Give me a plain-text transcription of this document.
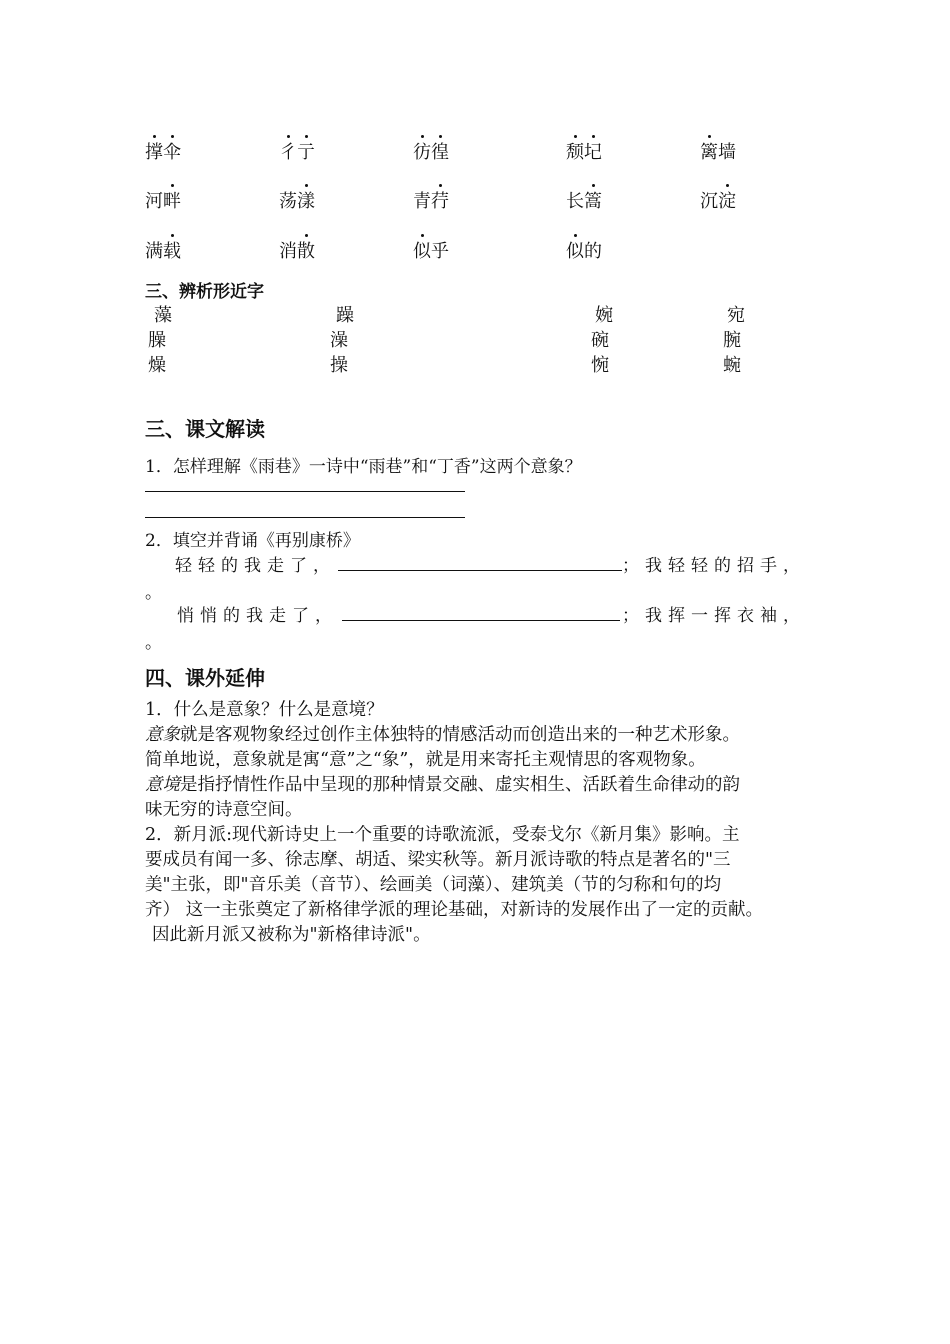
撑伞	彳亍	彷徨	颓圮	篱墙
河畔	荡漾	青荇	长篙	沉淀
满载	消散	似乎	似的
三、辨析形近字
藻	躁	婉	宛
臊	澡	碗	腕
燥	操	惋	蜿
三、课文解读
1．怎样理解《雨巷》一诗中“雨巷”和“丁香”这两个意象？
2．填空并背诵《再别康桥》
轻轻的我走了，	；我轻轻的招手，
。
悄悄的我走了，	；我挥一挥衣袖，
。
四、课外延伸
1．什么是意象？什么是意境？
意象就是客观物象经过创作主体独特的情感活动而创造出来的一种艺术形象。
简单地说，意象就是寓“意”之“象”，就是用来寄托主观情思的客观物象。
意境是指抒情性作品中呈现的那种情景交融、虚实相生、活跃着生命律动的韵
味无穷的诗意空间。
2．新月派:现代新诗史上一个重要的诗歌流派，受泰戈尔《新月集》影响。主
要成员有闻一多、徐志摩、胡适、梁实秋等。新月派诗歌的特点是著名的"三
美"主张，即"音乐美（音节）、绘画美（词藻）、建筑美（节的匀称和句的均
齐） 这一主张奠定了新格律学派的理论基础，对新诗的发展作出了一定的贡献。
因此新月派又被称为"新格律诗派"。
